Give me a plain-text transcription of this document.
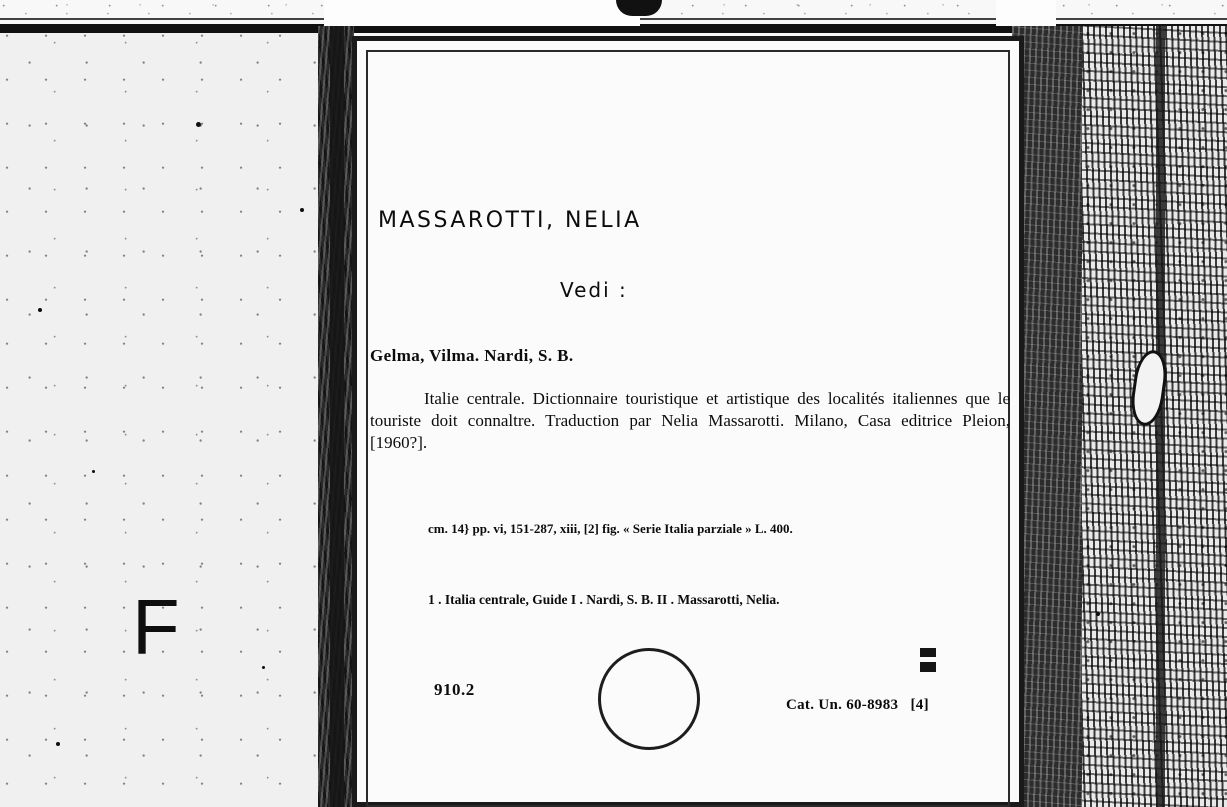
MASSAROTTI, NELIA
Vedi :
Gelma, Vilma. Nardi, S. B.
Italie centrale. Dictionnaire touristique et artistique des localités italiennes que le touriste doit connaltre. Traduction par Nelia Massarotti. Milano, Casa editrice Pleion, [1960?].
cm. 14} pp. vi, 151-287, xiii, [2] fig. « Serie Italia parziale » L. 400.
1 . Italia centrale, Guide I . Nardi, S. B. II . Massarotti, Nelia.
910.2
Cat. Un. 60-8983 [4]
F
